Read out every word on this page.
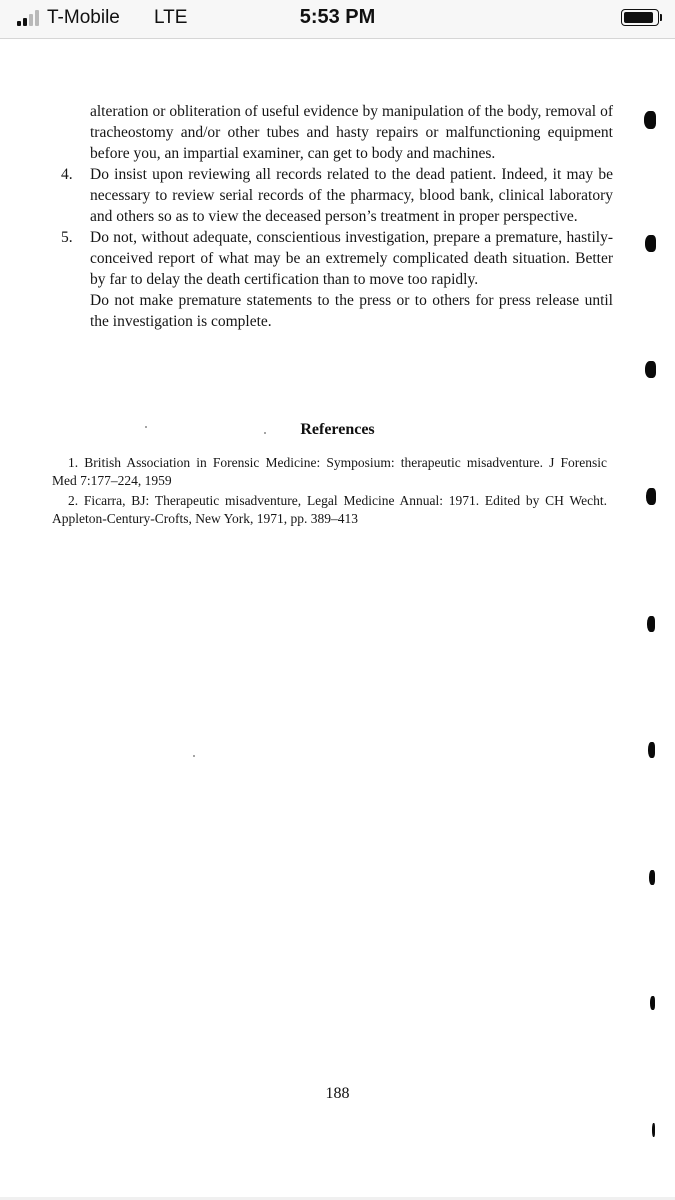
T-Mobile LTE	5:53 PM

alteration or obliteration of useful evidence by manipulation of the body, removal of tracheostomy and/or other tubes and hasty repairs or malfunctioning equipment before you, an impartial examiner, can get to body and machines.

4. Do insist upon reviewing all records related to the dead patient. Indeed, it may be necessary to review serial records of the pharmacy, blood bank, clinical laboratory and others so as to view the deceased person’s treatment in proper perspective.

5. Do not, without adequate, conscientious investigation, prepare a premature, hastily-conceived report of what may be an extremely complicated death situation. Better by far to delay the death certification than to move too rapidly.

Do not make premature statements to the press or to others for press release until the investigation is complete.

References

1. British Association in Forensic Medicine: Symposium: therapeutic misadventure. J Forensic Med 7:177–224, 1959

2. Ficarra, BJ: Therapeutic misadventure, Legal Medicine Annual: 1971. Edited by CH Wecht. Appleton-Century-Crofts, New York, 1971, pp. 389–413

188
